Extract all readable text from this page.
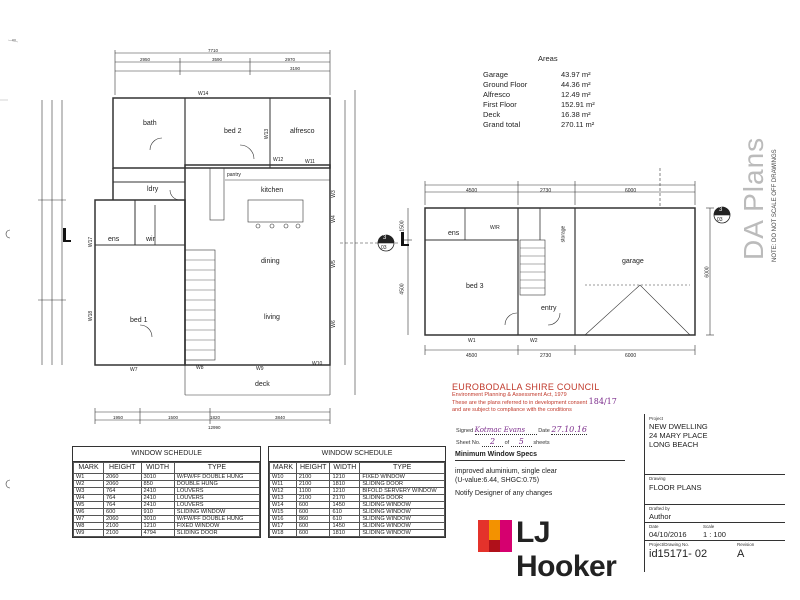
bath
bed 2	alfresco
ldry	kitchen
pantry
ens	wir
bed 1
dining
living
deck
W14
W13
W12	W11
W10
W9
W8
W7
W6
W5
W4
W3
W18
W17
7710
2950	3590	2970
3190
12990
1950	1500	1820	3840
3
03
3
03
ens
W/R	storage
entry
bed 3
garage
W1	W2
4500	2730	6000
4500	2730	6000
1500
4500
6000
Areas
Garage	43.97 m²
Ground Floor	44.36 m²
Alfresco	12.49 m²
First Floor	152.91 m²
Deck	16.38 m²
Grand total	270.11 m²
DA Plans NOTE: DO NOT SCALE OFF DRAWINGS
WINDOW SCHEDULE
MARK	HEIGHT	WIDTH	TYPE
W1	2060	3010	W/FW/FF DOUBLE HUNG
W2	2060	850	DOUBLE HUNG
W3	764	2410	LOUVERS
W4	764	2410	LOUVERS
W5	764	2410	LOUVERS
W6	600	910	SLIDING WINDOW
W7	2060	3010	W/FW/FF DOUBLE HUNG
W8	2100	1210	FIXED WINDOW
W9	2100	4794	SLIDING DOOR
WINDOW SCHEDULE
MARK	HEIGHT	WIDTH	TYPE
W10	2100	1210	FIXED WINDOW
W11	2100	1810	SLIDING DOOR
W12	1100	1210	BIFOLD SERVERY WINDOW
W13	2100	2170	SLIDING DOOR
W14	600	1450	SLIDING WINDOW
W15	600	610	SLIDING WINDOW
W16	860	610	SLIDING WINDOW
W17	600	1450	SLIDING WINDOW
W18	600	1810	SLIDING WINDOW
EUROBODALLA SHIRE COUNCIL
Environment Planning & Assessment Act, 1979
These are the plans referred to in development consent 184/17
and are subject to compliance with the conditions
Signed Kotmac Evans Date 27.10.16
Sheet No. 2 of 5 sheets
Minimum Window Specs
improved aluminium, single clear
(U-value:6.44, SHGC:0.75)
Notify Designer of any changes
LJ Hooker
Project
NEW DWELLING
24 MARY PLACE
LONG BEACH
Drawing
FLOOR PLANS
Drafted by
Author
Date
04/10/2016
Scale
1 : 100
Project/Drawing No.
id15171- 02
Revision
A
